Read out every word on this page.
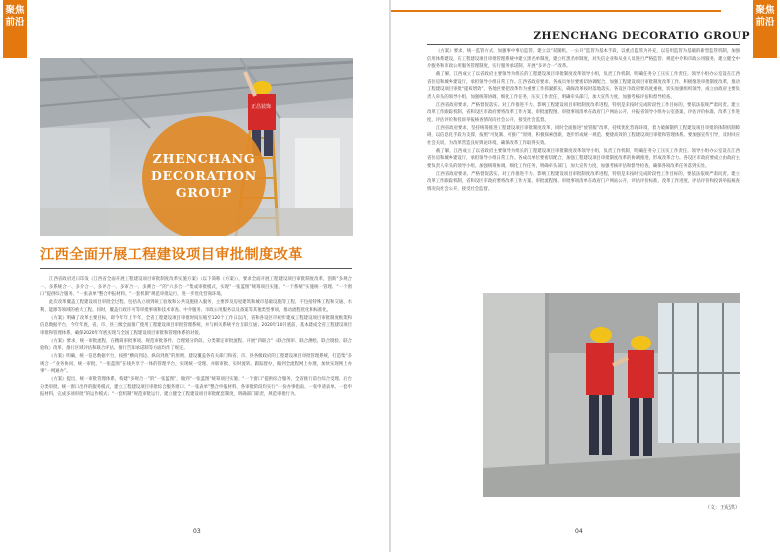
聚焦
前沿
正昌装饰
ZHENCHANG
DECORATION
GROUP
江西全面开展工程建设项目审批制度改革

江西省政府近日印发《江西省全面开展工程建设项目审批制度改革实施方案》（以下简称《方案》），要求全面开展工程建设项目审批制度改革，创新“多规合一、多系统合一、多介合一、多评合一、多审合一、多测合一”的“六多合一”集成审批模式，实现“一张蓝图”统筹项目实施、“一个系统”实施统一管理、“一个窗口”提供综合服务、“一张表单”整合申报材料、“一套机制”规范审批运行，进一步优化营商环境。

此次改革覆盖工程建设项目审批全过程，包括从立项到竣工验收和公共设施接入服务，主要涉及房屋建筑和城市基础设施等工程，不包括特殊工程和交通、水利、能源等领域的重大工程。同时，覆盖行政许可等审批事项和技术审查、中介服务、市政公用服务以及备案等其他类型事项，推动流程优化和标准化。

《方案》明确了改革主要目标，即今年年上半年，全省工程建设项目审批时间压缩至120个工作日以内，省和各设区市初步建成工程建设项目审批制度框架和信息数据平台，今年年底，省、市、县三级全面推广使用工程建设项目审批管理系统，并与相关系统平台互联互通；2020年10月底前，基本建成全省工程建设项目审批和管理体系，确保2020年年底实现与全国工程建设项目审批和管理体系的对接。

《方案》要求，统一审批流程，在精简审批事项、规范审批条件、合理划分阶段、分类制定审批流程、开展“四联合”（联合图审、联合测绘、联合勘验、联合验收）改革、推行区域评估和联合评估、推行告知承诺制等方面均作了规定。

《方案》明确，统一信息数据平台，按照“横向到边、纵向到底”的原则，建设覆盖各有关部门和省、市、县各级政府的工程建设项目审批管理系统，打造集“多规合一”业务协同、统一审批、“一张蓝图”在线共享于一体的管理平台，实现统一受理、并联审批、实时流转、跟踪督办，做到全流程网上办理，加快实现网上办事“一网通办”。

《方案》提出，统一审批管理体系，构建“多规合一”的“一张蓝图”，做到“一张蓝图”统筹项目实施；“一个窗口”提供综合服务，全省推行前台综合受理、后台分类审批、统一窗口出件的服务模式，建立工程建设项目审批综合服务窗口；“一张表单”整合申报材料，各审批阶段均实行“一份办事指南、一张申请表单、一套申报材料，完成多项审批”的运作模式；“一套机制”规范审批运行，建立健全工程建设项目审批配套制度，明确部门职责，规范审批行为。

03
聚焦
前沿
ZHENCHANG DECORATIO GROUP

《方案》要求，统一监管方式，加强事中事后监管。建立以“双随机、一公开”监管为基本手段，以重点监管为补充，以信用监管为基础的新型监管机制，加强信用体系建设，在工程建设项目审批管理系统中建立黑名单制度，建立红黑名单制度，对失信企业和从业人员进行严格监管；规范中介和市政公用服务，建立健全中介服务和市政公用服务管理制度，实行服务承诺制，开展“多评合一”改革。

截了解，江西成立了以省政府主要领导为组长的工程建设项目审批制度改革领导小组，负责工作机制，明确任务分工压实工作责任。领导小组办公室设在江西省住房和城乡建设厅，承担领导小组日常工作。江西省政府要求，各成员单位要密切协调配合，加强工程建设项目审批制度改革工作，积极推进审批制度改革，推动工程建设项目审批“提质增效”，各地区要把改革作为重要工作抓紧抓实，确保改革按时落地落实。各设区市政府要高度重视，切实加强组织领导，成立由政府主要负责人牵头的领导小组，加强统筹协调，细化工作任务，压实工作责任，明确牵头部门，加大宣传力度，加强考核评估和督导检查。

江西省政府要求，严格督促落实。对工作推进不力、影响工程建设项目审批制度改革进程，特别是未按时完成阶段性工作目标的，要依法依规严肃问责。建立改革工作跟踪机制，省和设区市政府要将改革工作方案、审批流程图、审批事项清单在政府门户网站公开，并报省领导小组办公室备案，评估评价标准，改革工作进度，评估评价和投诉举报核查情况向社会公开，接受社会监督。

江西省政府要求，坚持统筹推进工程建设项目审批制度改革，同时全面推进“放管服”改革，持续优化营商环境，着力破解制约工程建设项目审批的体制机制障碍，以信息化手段为支撑，按照“可复制、可推广”原则，积极探索创新，逐步形成统一规范、便捷高效的工程建设项目审批和管理体系。要加强宣传引导，及时回应社会关切，为改革营造良好舆论环境，确保改革工作取得实效。

截了解，江西成立了以省政府主要领导为组长的工程建设项目审批制度改革领导小组，负责工作机制，明确任务分工压实工作责任。领导小组办公室设在江西省住房和城乡建设厅，承担领导小组日常工作。各成员单位要密切配合，加强工程建设项目审批制度改革的协调推进，形成改革合力。各设区市政府要成立由政府主要负责人牵头的领导小组，加强统筹协调，细化工作任务，明确牵头部门，加大宣传力度，加强考核评估和督导检查，确保各项改革任务落到实处。

江西省政府要求，严格督促落实。对工作推进不力、影响工程建设项目审批制度改革进程，特别是未按时完成阶段性工作目标的，要依法依规严肃问责。建立改革工作跟踪机制，省和设区市政府要将改革工作方案、审批流程图、审批事项清单在政府门户网站公开，评估评价标准，改革工作进度，评估评价和投诉举报核查情况向社会公开，接受社会监督。

（文：王纪洪）
04
